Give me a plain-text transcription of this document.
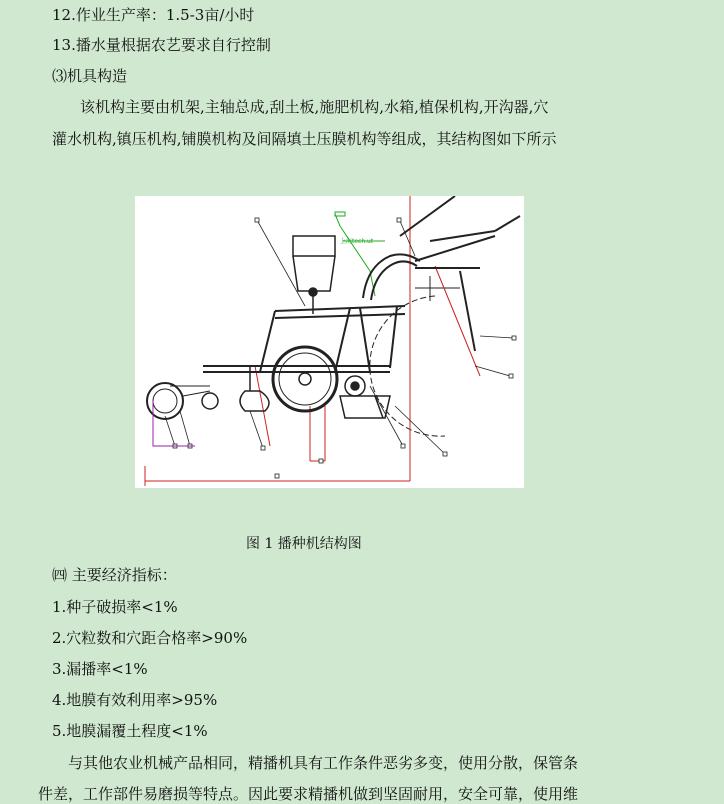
12.作业生产率：1.5-3亩/小时
13.播水量根据农艺要求自行控制
⑶机具构造
该机构主要由机架,主轴总成,刮土板,施肥机构,水箱,植保机构,开沟器,穴
灌水机构,镇压机构,铺膜机构及间隔填土压膜机构等组成，其结构图如下所示
上海tech.ut
图 1 播种机结构图
㈣ 主要经济指标：
1.种子破损率<1%
2.穴粒数和穴距合格率>90%
3.漏播率<1%
4.地膜有效利用率>95%
5.地膜漏覆土程度<1%
与其他农业机械产品相同，精播机具有工作条件恶劣多变，使用分散，保管条
件差，工作部件易磨损等特点。因此要求精播机做到坚固耐用，安全可靠，使用维
